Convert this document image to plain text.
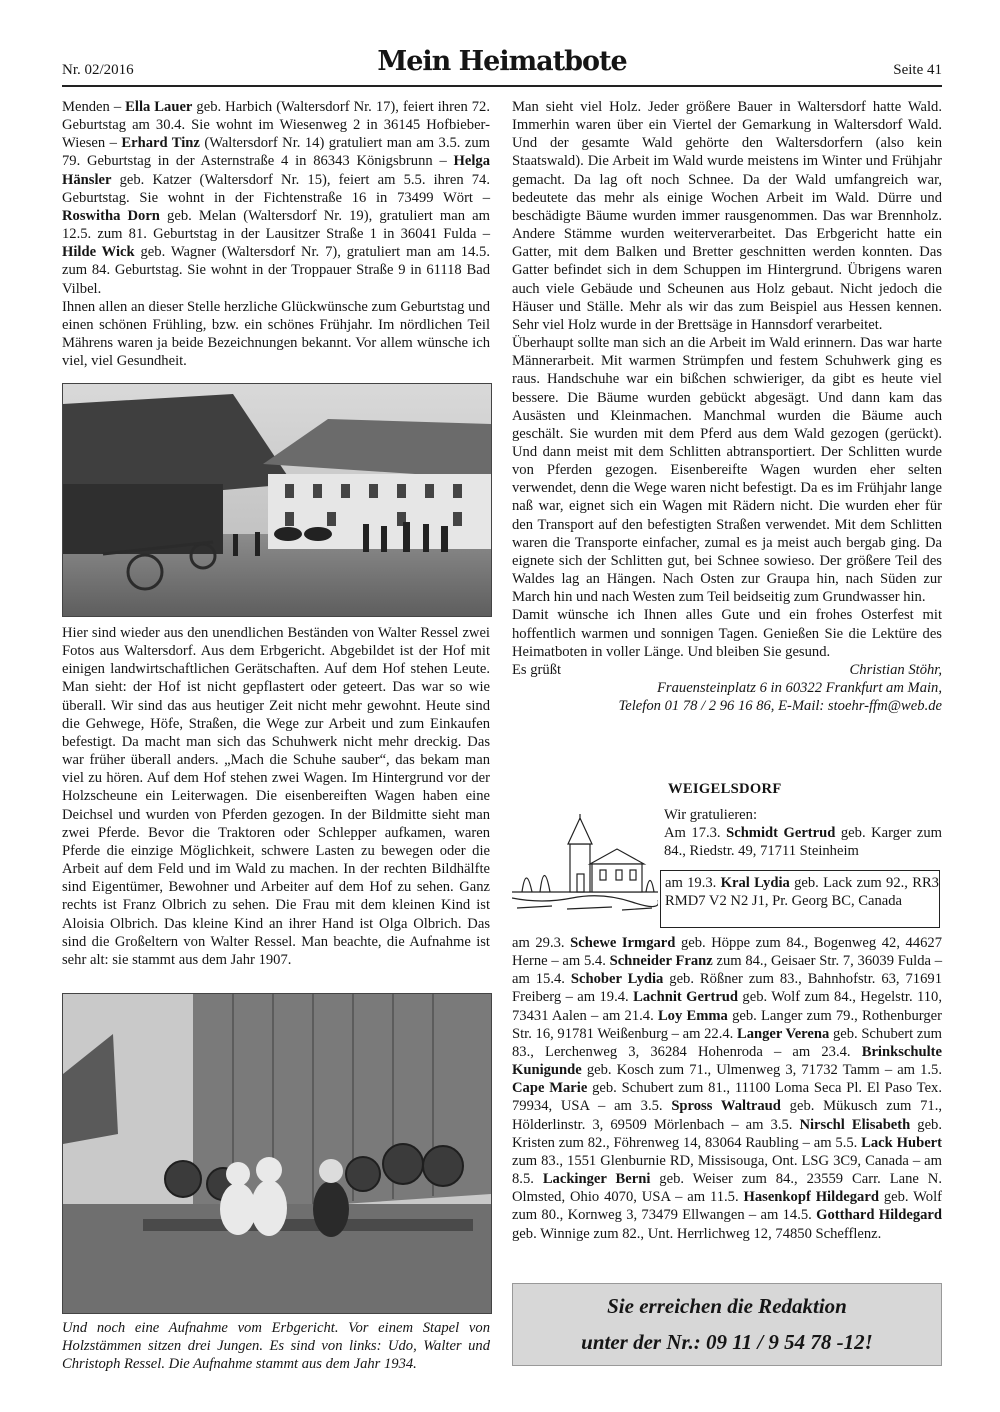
Nr. 02/2016	Mein Heimatbote	Seite 41

Menden – Ella Lauer geb. Harbich (Waltersdorf Nr. 17), feiert ihren 72. Geburtstag am 30.4. Sie wohnt im Wiesenweg 2 in 36145 Hofbieber-Wiesen – Erhard Tinz (Waltersdorf Nr. 14) gratuliert man am 3.5. zum 79. Geburtstag in der Asternstraße 4 in 86343 Königsbrunn – Helga Hänsler geb. Katzer (Waltersdorf Nr. 15), feiert am 5.5. ihren 74. Geburtstag. Sie wohnt in der Fichtenstraße 16 in 73499 Wört – Roswitha Dorn geb. Melan (Waltersdorf Nr. 19), gratuliert man am 12.5. zum 81. Geburtstag in der Lausitzer Straße 1 in 36041 Fulda – Hilde Wick geb. Wagner (Waltersdorf Nr. 7), gratuliert man am 14.5. zum 84. Geburtstag. Sie wohnt in der Troppauer Straße 9 in 61118 Bad Vilbel.

Ihnen allen an dieser Stelle herzliche Glückwünsche zum Geburtstag und einen schönen Frühling, bzw. ein schönes Frühjahr. Im nördlichen Teil Mährens waren ja beide Bezeichnungen bekannt. Vor allem wünsche ich viel, viel Gesundheit.

Hier sind wieder aus den unendlichen Beständen von Walter Ressel zwei Fotos aus Waltersdorf. Aus dem Erbgericht. Abgebildet ist der Hof mit einigen landwirtschaftlichen Gerätschaften. Auf dem Hof stehen Leute. Man sieht: der Hof ist nicht gepflastert oder geteert. Das war so wie überall. Wir sind das aus heutiger Zeit nicht mehr gewohnt. Heute sind die Gehwege, Höfe, Straßen, die Wege zur Arbeit und zum Einkaufen befestigt. Da macht man sich das Schuhwerk nicht mehr dreckig. Das war früher überall anders. „Mach die Schuhe sauber“, das bekam man viel zu hören. Auf dem Hof stehen zwei Wagen. Im Hintergrund vor der Holzscheune ein Leiterwagen. Die eisenbereiften Wagen haben eine Deichsel und wurden von Pferden gezogen. In der Bildmitte sieht man zwei Pferde. Bevor die Traktoren oder Schlepper aufkamen, waren Pferde die einzige Möglichkeit, schwere Lasten zu bewegen oder die Arbeit auf dem Feld und im Wald zu machen. In der rechten Bildhälfte sind Eigentümer, Bewohner und Arbeiter auf dem Hof zu sehen. Ganz rechts ist Franz Olbrich zu sehen. Die Frau mit dem kleinen Kind ist Aloisia Olbrich. Das kleine Kind an ihrer Hand ist Olga Olbrich. Das sind die Großeltern von Walter Ressel. Man beachte, die Aufnahme ist sehr alt: sie stammt aus dem Jahr 1907.

Und noch eine Aufnahme vom Erbgericht. Vor einem Stapel von Holzstämmen sitzen drei Jungen. Es sind von links: Udo, Walter und Christoph Ressel. Die Aufnahme stammt aus dem Jahr 1934.

Man sieht viel Holz. Jeder größere Bauer in Waltersdorf hatte Wald. Immerhin waren über ein Viertel der Gemarkung in Waltersdorf Wald. Und der gesamte Wald gehörte den Waltersdorfern (also kein Staatswald). Die Arbeit im Wald wurde meistens im Winter und Frühjahr gemacht. Da lag oft noch Schnee. Da der Wald umfangreich war, bedeutete das mehr als einige Wochen Arbeit im Wald. Dürre und beschädigte Bäume wurden immer rausgenommen. Das war Brennholz. Andere Stämme wurden weiterverarbeitet. Das Erbgericht hatte ein Gatter, mit dem Balken und Bretter geschnitten werden konnten. Das Gatter befindet sich in dem Schuppen im Hintergrund. Übrigens waren auch viele Gebäude und Scheunen aus Holz gebaut. Nicht jedoch die Häuser und Ställe. Mehr als wir das zum Beispiel aus Hessen kennen. Sehr viel Holz wurde in der Brettsäge in Hannsdorf verarbeitet.

Überhaupt sollte man sich an die Arbeit im Wald erinnern. Das war harte Männerarbeit. Mit warmen Strümpfen und festem Schuhwerk ging es raus. Handschuhe war ein bißchen schwieriger, da gibt es heute viel bessere. Die Bäume wurden gebückt abgesägt. Und dann kam das Ausästen und Kleinmachen. Manchmal wurden die Bäume auch geschält. Sie wurden mit dem Pferd aus dem Wald gezogen (gerückt). Und dann meist mit dem Schlitten abtransportiert. Der Schlitten wurde von Pferden gezogen. Eisenbereifte Wagen wurden eher selten verwendet, denn die Wege waren nicht befestigt. Da es im Frühjahr lange naß war, eignet sich ein Wagen mit Rädern nicht. Die wurden eher für den Transport auf den befestigten Straßen verwendet. Mit dem Schlitten waren die Transporte einfacher, zumal es ja meist auch bergab ging. Da eignete sich der Schlitten gut, bei Schnee sowieso. Der größere Teil des Waldes lag an Hängen. Nach Osten zur Graupa hin, nach Süden zur March hin und nach Westen zum Teil beidseitig zum Grundwasser hin.

Damit wünsche ich Ihnen alles Gute und ein frohes Osterfest mit hoffentlich warmen und sonnigen Tagen. Genießen Sie die Lektüre des Heimatboten in voller Länge. Und bleiben Sie gesund.

Es grüßt	Christian Stöhr,
Frauensteinplatz 6 in 60322 Frankfurt am Main,
Telefon 01 78 / 2 96 16 86, E-Mail: stoehr-ffm@web.de
WEIGELSDORF
Wir gratulieren:
Am 17.3. Schmidt Gertrud geb. Karger zum 84., Riedstr. 49, 71711 Steinheim
am 19.3. Kral Lydia geb. Lack zum 92., RR3 RMD7 V2 N2 J1, Pr. Georg BC, Canada
am 29.3. Schewe Irmgard geb. Höppe zum 84., Bogenweg 42, 44627 Herne – am 5.4. Schneider Franz zum 84., Geisaer Str. 7, 36039 Fulda – am 15.4. Schober Lydia geb. Rößner zum 83., Bahnhofstr. 63, 71691 Freiberg – am 19.4. Lachnit Gertrud geb. Wolf zum 84., Hegelstr. 110, 73431 Aalen – am 21.4. Loy Emma geb. Langer zum 79., Rothenburger Str. 16, 91781 Weißenburg – am 22.4. Langer Verena geb. Schubert zum 83., Lerchenweg 3, 36284 Hohenroda – am 23.4. Brinkschulte Kunigunde geb. Kosch zum 71., Ulmenweg 3, 71732 Tamm – am 1.5. Cape Marie geb. Schubert zum 81., 11100 Loma Seca Pl. El Paso Tex. 79934, USA – am 3.5. Spross Waltraud geb. Mükusch zum 71., Hölderlinstr. 3, 69509 Mörlenbach – am 3.5. Nirschl Elisabeth geb. Kristen zum 82., Föhrenweg 14, 83064 Raubling – am 5.5. Lack Hubert zum 83., 1551 Glenburnie RD, Missisouga, Ont. LSG 3C9, Canada – am 8.5. Lackinger Berni geb. Weiser zum 84., 23559 Carr. Lane N. Olmsted, Ohio 4070, USA – am 11.5. Hasenkopf Hildegard geb. Wolf zum 80., Kornweg 3, 73479 Ellwangen – am 14.5. Gotthard Hildegard geb. Winnige zum 82., Unt. Herrlichweg 12, 74850 Schefflenz.
Sie erreichen die Redaktion
unter der Nr.: 09 11 / 9 54 78 -12!
